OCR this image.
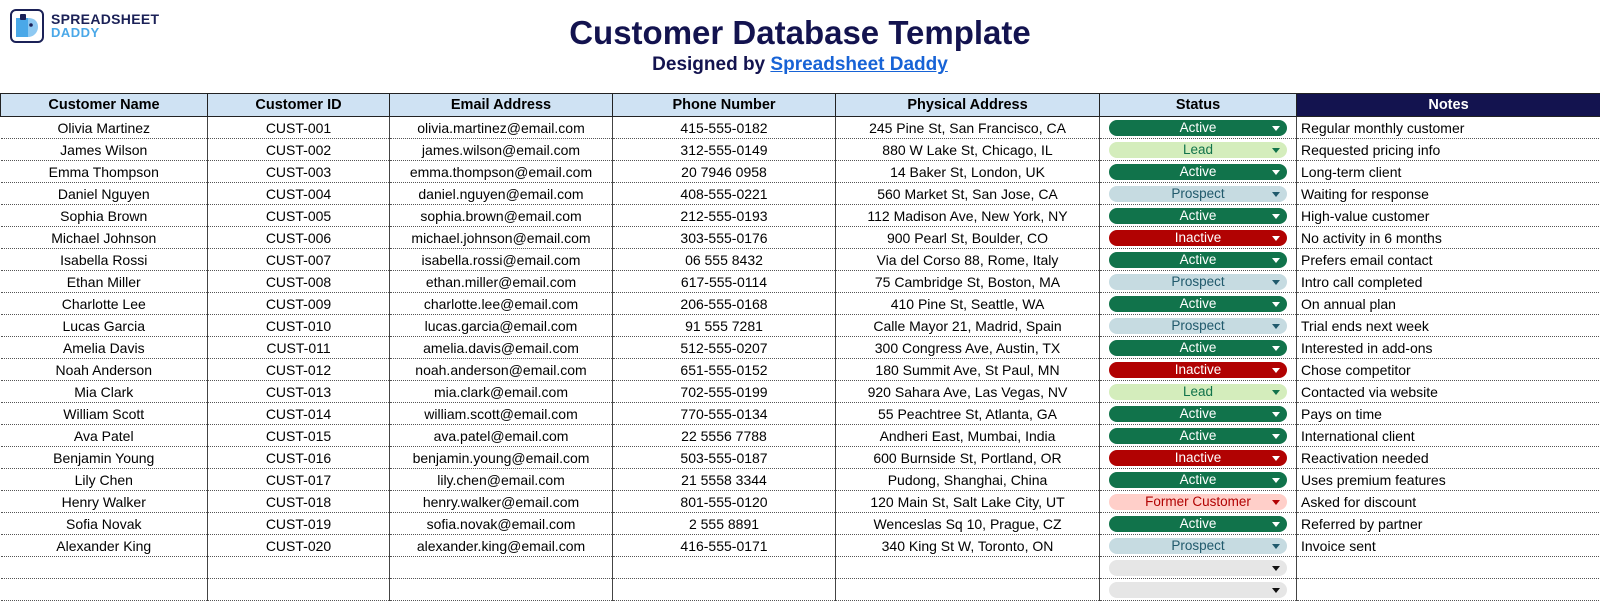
SPREADSHEET
DADDY	Customer Database Template
Designed by Spreadsheet Daddy
Customer Name	Customer ID	Email Address	Phone Number	Physical Address	Status	Notes
Olivia Martinez	CUST-001	olivia.martinez@email.com	415-555-0182	245 Pine St, San Francisco, CA	Active	Regular monthly customer
James Wilson	CUST-002	james.wilson@email.com	312-555-0149	880 W Lake St, Chicago, IL	Lead	Requested pricing info
Emma Thompson	CUST-003	emma.thompson@email.com	20 7946 0958	14 Baker St, London, UK	Active	Long-term client
Daniel Nguyen	CUST-004	daniel.nguyen@email.com	408-555-0221	560 Market St, San Jose, CA	Prospect	Waiting for response
Sophia Brown	CUST-005	sophia.brown@email.com	212-555-0193	112 Madison Ave, New York, NY	Active	High-value customer
Michael Johnson	CUST-006	michael.johnson@email.com	303-555-0176	900 Pearl St, Boulder, CO	Inactive	No activity in 6 months
Isabella Rossi	CUST-007	isabella.rossi@email.com	06 555 8432	Via del Corso 88, Rome, Italy	Active	Prefers email contact
Ethan Miller	CUST-008	ethan.miller@email.com	617-555-0114	75 Cambridge St, Boston, MA	Prospect	Intro call completed
Charlotte Lee	CUST-009	charlotte.lee@email.com	206-555-0168	410 Pine St, Seattle, WA	Active	On annual plan
Lucas Garcia	CUST-010	lucas.garcia@email.com	91 555 7281	Calle Mayor 21, Madrid, Spain	Prospect	Trial ends next week
Amelia Davis	CUST-011	amelia.davis@email.com	512-555-0207	300 Congress Ave, Austin, TX	Active	Interested in add-ons
Noah Anderson	CUST-012	noah.anderson@email.com	651-555-0152	180 Summit Ave, St Paul, MN	Inactive	Chose competitor
Mia Clark	CUST-013	mia.clark@email.com	702-555-0199	920 Sahara Ave, Las Vegas, NV	Lead	Contacted via website
William Scott	CUST-014	william.scott@email.com	770-555-0134	55 Peachtree St, Atlanta, GA	Active	Pays on time
Ava Patel	CUST-015	ava.patel@email.com	22 5556 7788	Andheri East, Mumbai, India	Active	International client
Benjamin Young	CUST-016	benjamin.young@email.com	503-555-0187	600 Burnside St, Portland, OR	Inactive	Reactivation needed
Lily Chen	CUST-017	lily.chen@email.com	21 5558 3344	Pudong, Shanghai, China	Active	Uses premium features
Henry Walker	CUST-018	henry.walker@email.com	801-555-0120	120 Main St, Salt Lake City, UT	Former Customer	Asked for discount
Sofia Novak	CUST-019	sofia.novak@email.com	2 555 8891	Wenceslas Sq 10, Prague, CZ	Active	Referred by partner
Alexander King	CUST-020	alexander.king@email.com	416-555-0171	340 King St W, Toronto, ON	Prospect	Invoice sent
